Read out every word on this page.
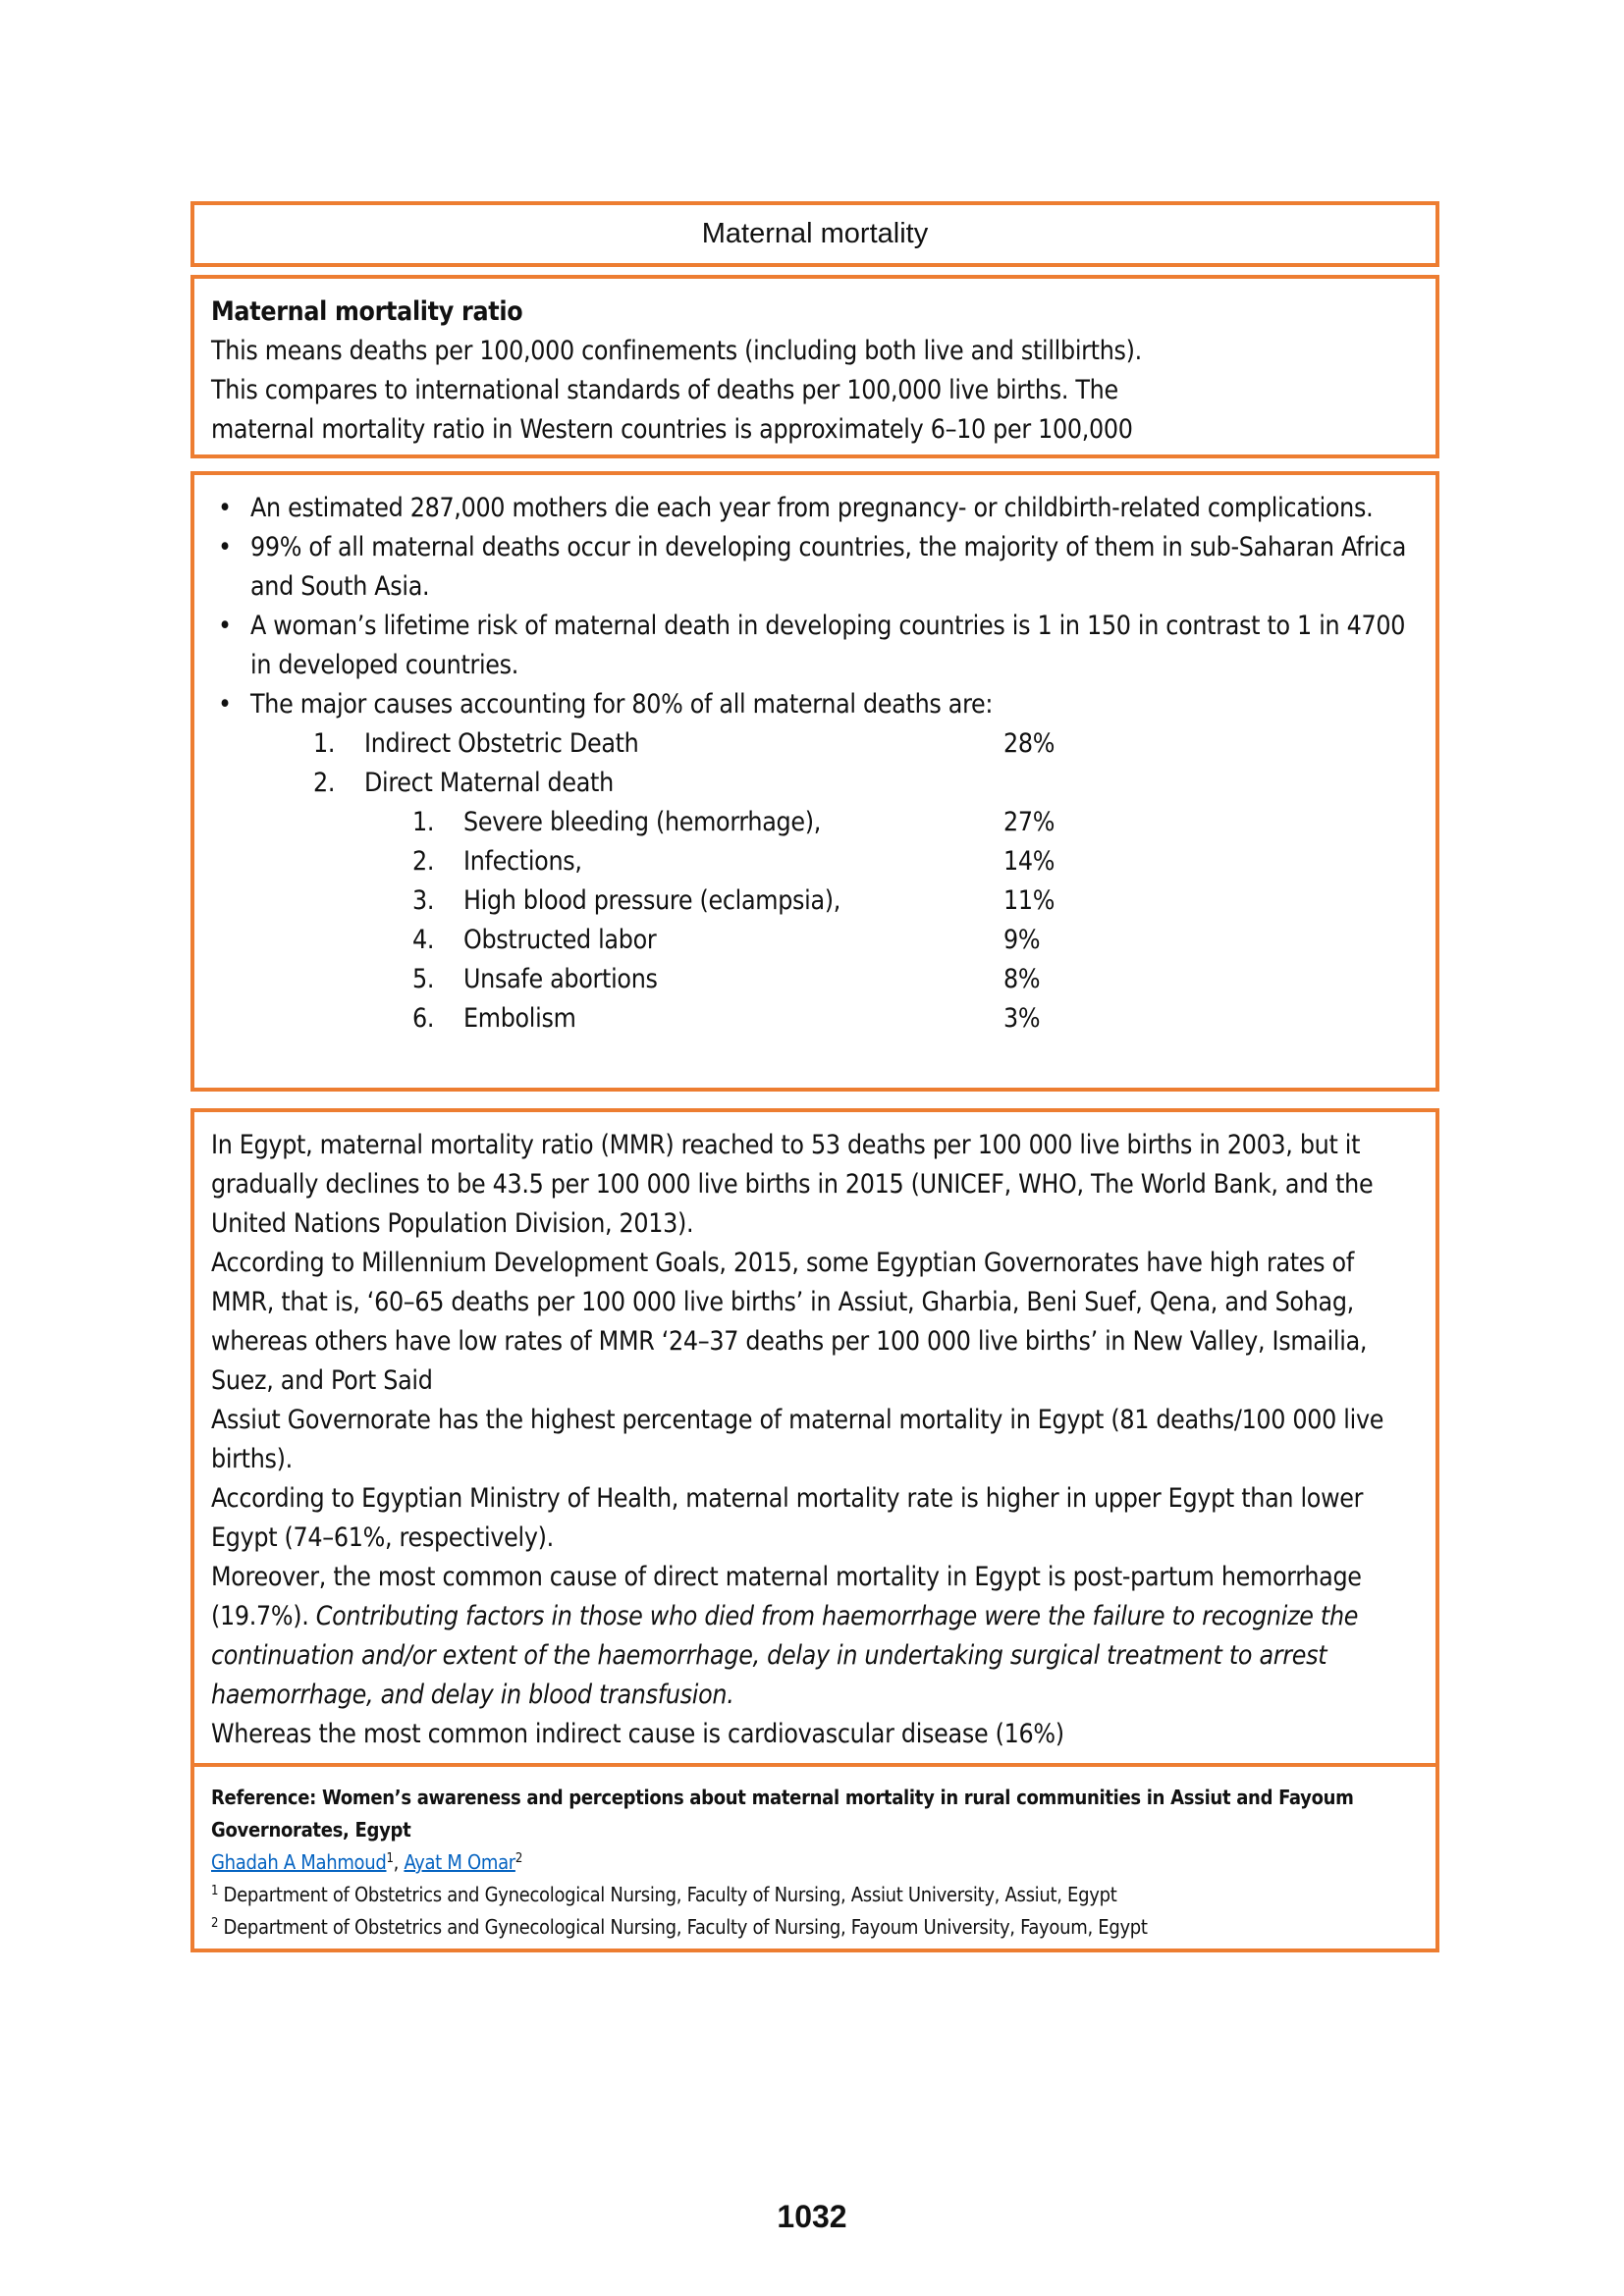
Maternal mortality
Maternal mortality ratio
This means deaths per 100,000 confinements (including both live and stillbirths).
This compares to international standards of deaths per 100,000 live births. The
maternal mortality ratio in Western countries is approximately 6–10 per 100,000
• An estimated 287,000 mothers die each year from pregnancy- or childbirth-related complications.
• 99% of all maternal deaths occur in developing countries, the majority of them in sub-Saharan Africa and South Asia.
• A woman’s lifetime risk of maternal death in developing countries is 1 in 150 in contrast to 1 in 4700 in developed countries.
• The major causes accounting for 80% of all maternal deaths are:
1. Indirect Obstetric Death	28%
2. Direct Maternal death
1. Severe bleeding (hemorrhage),	27%
2. Infections,	14%
3. High blood pressure (eclampsia),	11%
4. Obstructed labor	9%
5. Unsafe abortions	8%
6. Embolism	3%

In Egypt, maternal mortality ratio (MMR) reached to 53 deaths per 100 000 live births in 2003, but it gradually declines to be 43.5 per 100 000 live births in 2015 (UNICEF, WHO, The World Bank, and the United Nations Population Division, 2013).

According to Millennium Development Goals, 2015, some Egyptian Governorates have high rates of MMR, that is, ‘60–65 deaths per 100 000 live births’ in Assiut, Gharbia, Beni Suef, Qena, and Sohag, whereas others have low rates of MMR ‘24–37 deaths per 100 000 live births’ in New Valley, Ismailia, Suez, and Port Said

Assiut Governorate has the highest percentage of maternal mortality in Egypt (81 deaths/100 000 live births).

According to Egyptian Ministry of Health, maternal mortality rate is higher in upper Egypt than lower Egypt (74–61%, respectively).

Moreover, the most common cause of direct maternal mortality in Egypt is post-partum hemorrhage (19.7%). Contributing factors in those who died from haemorrhage were the failure to recognize the continuation and/or extent of the haemorrhage, delay in undertaking surgical treatment to arrest haemorrhage, and delay in blood transfusion.

Whereas the most common indirect cause is cardiovascular disease (16%)

Reference: Women’s awareness and perceptions about maternal mortality in rural communities in Assiut and Fayoum Governorates, Egypt
Ghadah A Mahmoud$^1$, Ayat M Omar$^2$
$^1$ Department of Obstetrics and Gynecological Nursing, Faculty of Nursing, Assiut University, Assiut, Egypt
$^2$ Department of Obstetrics and Gynecological Nursing, Faculty of Nursing, Fayoum University, Fayoum, Egypt
1032
